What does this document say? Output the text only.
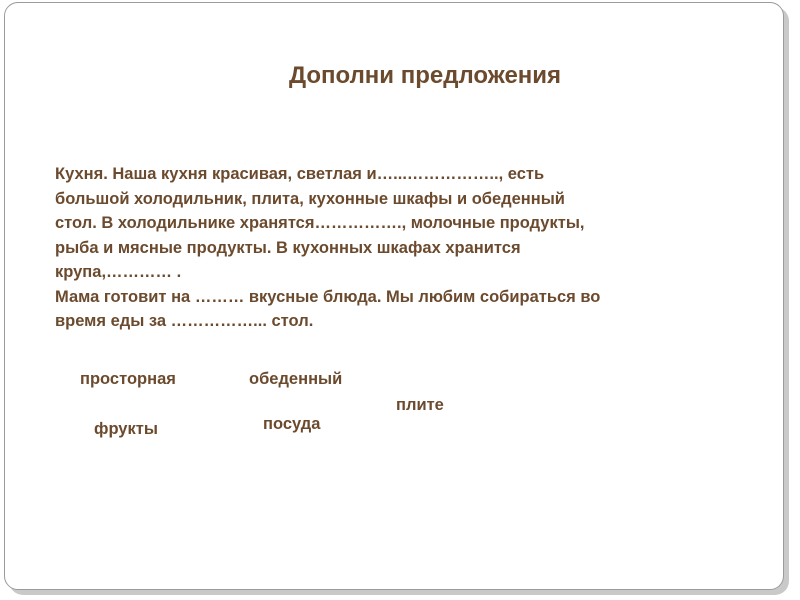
Дополни предложения
Кухня. Наша кухня красивая, светлая и…...…………….., есть
большой холодильник, плита, кухонные шкафы и обеденный
стол. В холодильнике хранятся……………., молочные продукты,
рыба и мясные продукты. В кухонных шкафах хранится
крупа,………… .
Мама готовит на ……… вкусные блюда. Мы любим собираться во
время еды за ……………... стол.
просторная	обеденный
плите
фрукты	посуда
